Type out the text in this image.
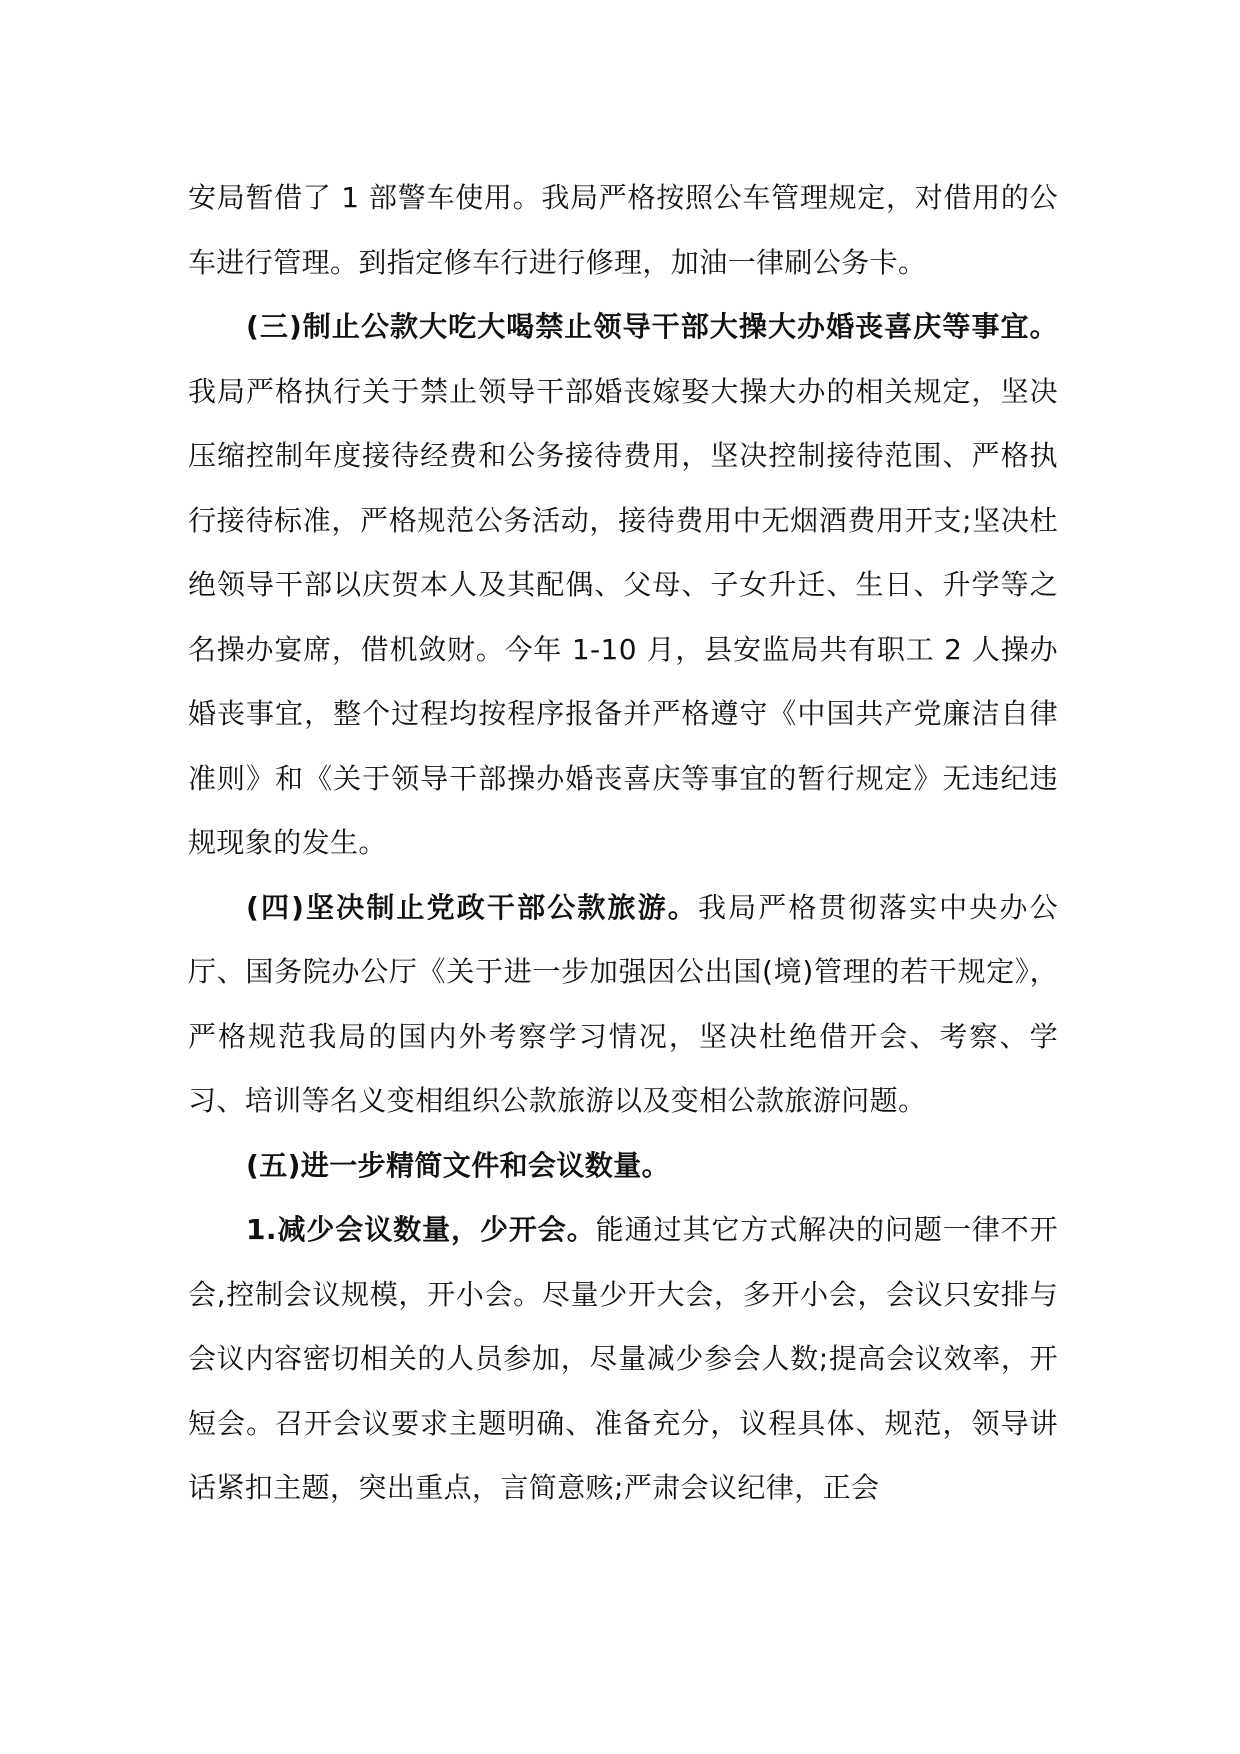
安局暂借了 1 部警车使用。我局严格按照公车管理规定，对借用的公车进行管理。到指定修车行进行修理，加油一律刷公务卡。

(三)制止公款大吃大喝禁止领导干部大操大办婚丧喜庆等事宜。我局严格执行关于禁止领导干部婚丧嫁娶大操大办的相关规定，坚决压缩控制年度接待经费和公务接待费用，坚决控制接待范围、严格执行接待标准，严格规范公务活动，接待费用中无烟酒费用开支;坚决杜绝领导干部以庆贺本人及其配偶、父母、子女升迁、生日、升学等之名操办宴席，借机敛财。今年 1-10 月，县安监局共有职工 2 人操办婚丧事宜，整个过程均按程序报备并严格遵守《中国共产党廉洁自律准则》和《关于领导干部操办婚丧喜庆等事宜的暂行规定》无违纪违规现象的发生。

(四)坚决制止党政干部公款旅游。我局严格贯彻落实中央办公厅、国务院办公厅《关于进一步加强因公出国(境)管理的若干规定》，严格规范我局的国内外考察学习情况，坚决杜绝借开会、考察、学习、培训等名义变相组织公款旅游以及变相公款旅游问题。

(五)进一步精简文件和会议数量。

1.减少会议数量，少开会。能通过其它方式解决的问题一律不开会,控制会议规模，开小会。尽量少开大会，多开小会，会议只安排与会议内容密切相关的人员参加，尽量减少参会人数;提高会议效率，开短会。召开会议要求主题明确、准备充分，议程具体、规范，领导讲话紧扣主题，突出重点，言简意赅;严肃会议纪律，正会
